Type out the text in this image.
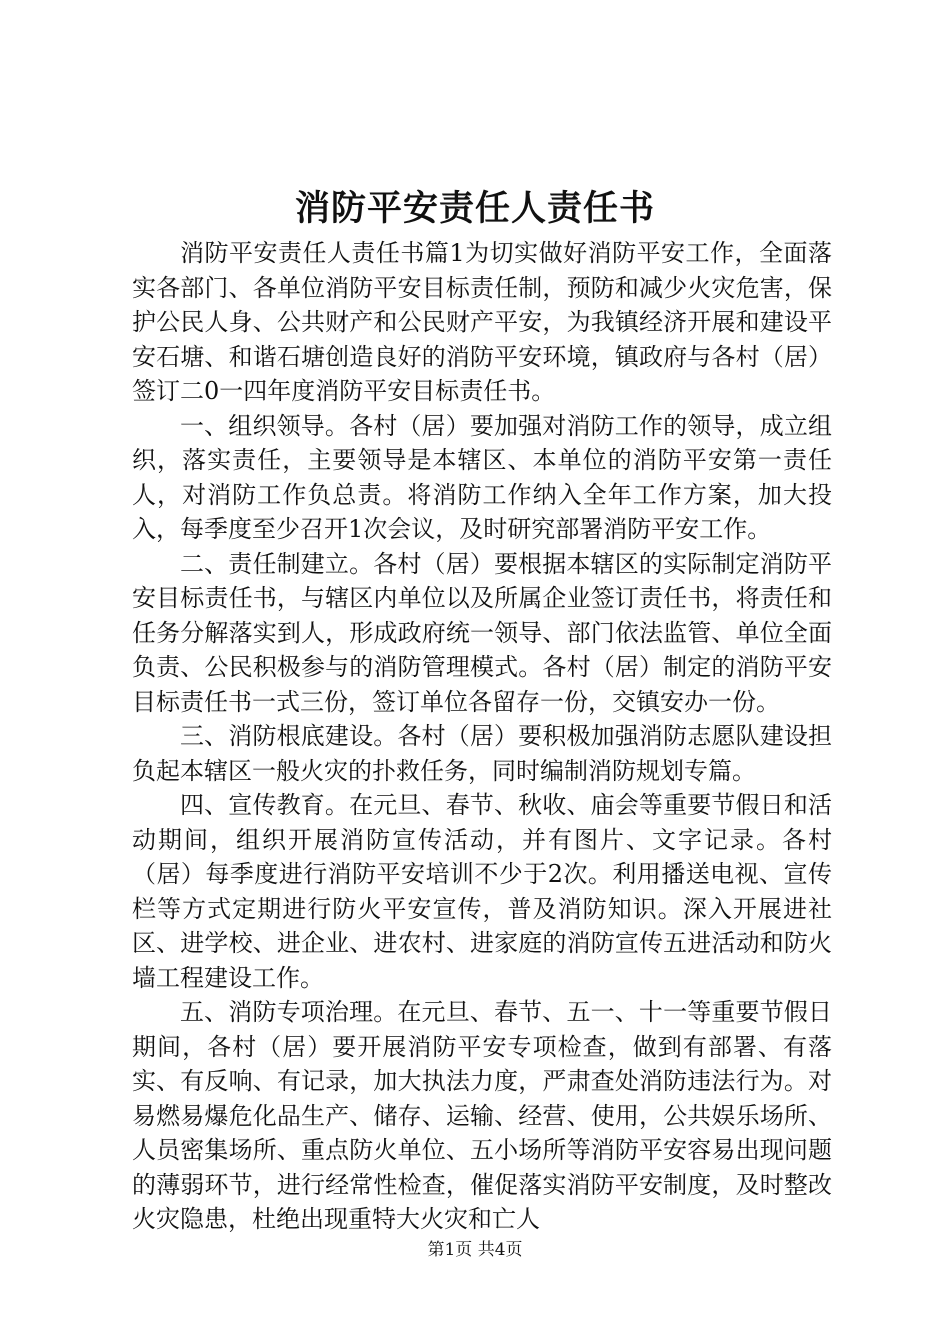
消防平安责任人责任书

消防平安责任人责任书篇1为切实做好消防平安工作，全面落实各部门、各单位消防平安目标责任制，预防和减少火灾危害，保护公民人身、公共财产和公民财产平安，为我镇经济开展和建设平安石塘、和谐石塘创造良好的消防平安环境，镇政府与各村（居）签订二0一四年度消防平安目标责任书。

一、组织领导。各村（居）要加强对消防工作的领导，成立组织，落实责任，主要领导是本辖区、本单位的消防平安第一责任人，对消防工作负总责。将消防工作纳入全年工作方案，加大投入，每季度至少召开1次会议，及时研究部署消防平安工作。

二、责任制建立。各村（居）要根据本辖区的实际制定消防平安目标责任书，与辖区内单位以及所属企业签订责任书，将责任和任务分解落实到人，形成政府统一领导、部门依法监管、单位全面负责、公民积极参与的消防管理模式。各村（居）制定的消防平安目标责任书一式三份，签订单位各留存一份，交镇安办一份。

三、消防根底建设。各村（居）要积极加强消防志愿队建设担负起本辖区一般火灾的扑救任务，同时编制消防规划专篇。

四、宣传教育。在元旦、春节、秋收、庙会等重要节假日和活动期间，组织开展消防宣传活动，并有图片、文字记录。各村（居）每季度进行消防平安培训不少于2次。利用播送电视、宣传栏等方式定期进行防火平安宣传，普及消防知识。深入开展进社区、进学校、进企业、进农村、进家庭的消防宣传五进活动和防火墙工程建设工作。

五、消防专项治理。在元旦、春节、五一、十一等重要节假日期间，各村（居）要开展消防平安专项检查，做到有部署、有落实、有反响、有记录，加大执法力度，严肃查处消防违法行为。对易燃易爆危化品生产、储存、运输、经营、使用，公共娱乐场所、人员密集场所、重点防火单位、五小场所等消防平安容易出现问题的薄弱环节，进行经常性检查，催促落实消防平安制度，及时整改火灾隐患，杜绝出现重特大火灾和亡人

第1页 共4页
